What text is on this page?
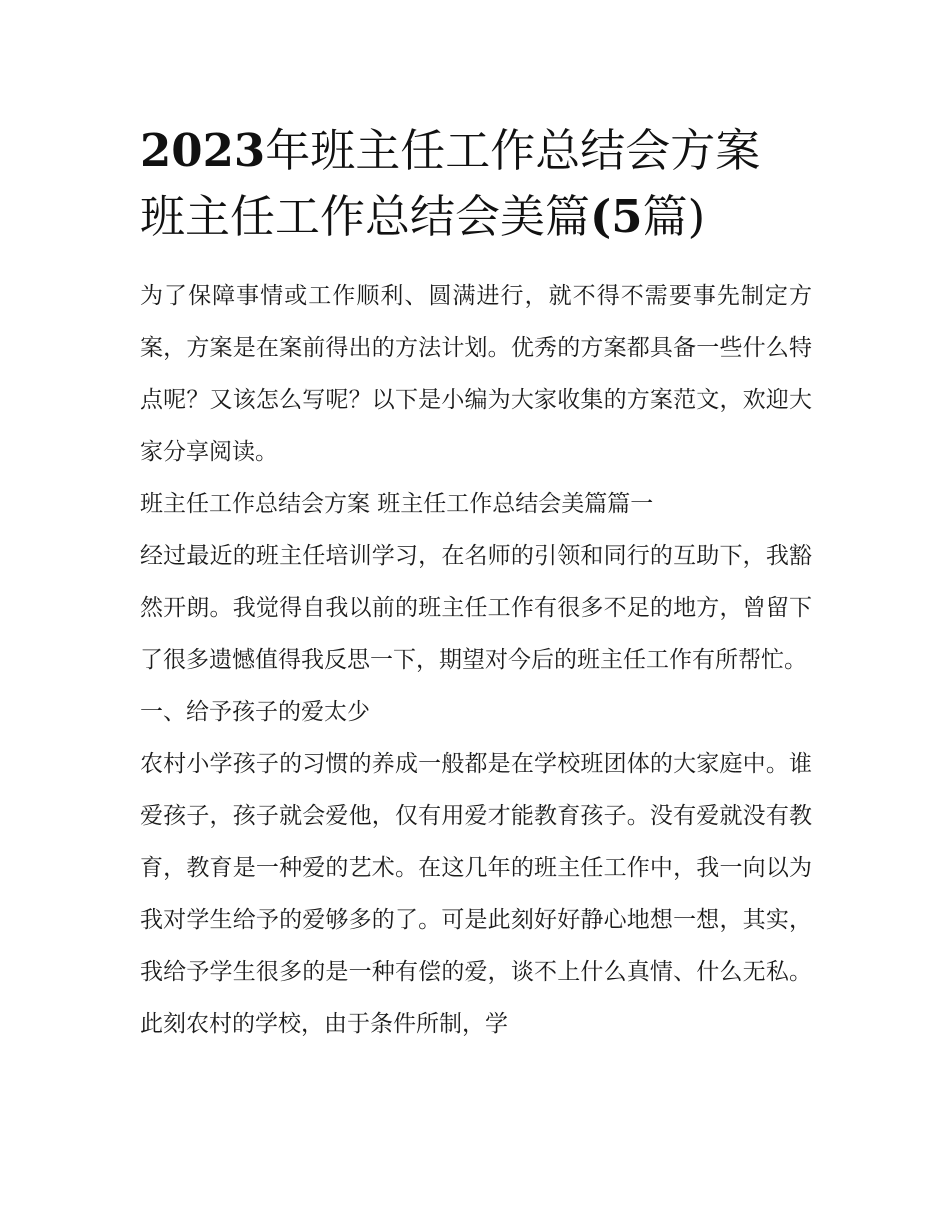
2023年班主任工作总结会方案
班主任工作总结会美篇(5篇)

为了保障事情或工作顺利、圆满进行，就不得不需要事先制定方案，方案是在案前得出的方法计划。优秀的方案都具备一些什么特点呢？又该怎么写呢？以下是小编为大家收集的方案范文，欢迎大家分享阅读。

班主任工作总结会方案 班主任工作总结会美篇篇一

经过最近的班主任培训学习，在名师的引领和同行的互助下，我豁然开朗。我觉得自我以前的班主任工作有很多不足的地方，曾留下了很多遗憾值得我反思一下，期望对今后的班主任工作有所帮忙。

一、给予孩子的爱太少

农村小学孩子的习惯的养成一般都是在学校班团体的大家庭中。谁爱孩子，孩子就会爱他，仅有用爱才能教育孩子。没有爱就没有教育，教育是一种爱的艺术。在这几年的班主任工作中，我一向以为我对学生给予的爱够多的了。可是此刻好好静心地想一想，其实，我给予学生很多的是一种有偿的爱，谈不上什么真情、什么无私。此刻农村的学校，由于条件所制，学
